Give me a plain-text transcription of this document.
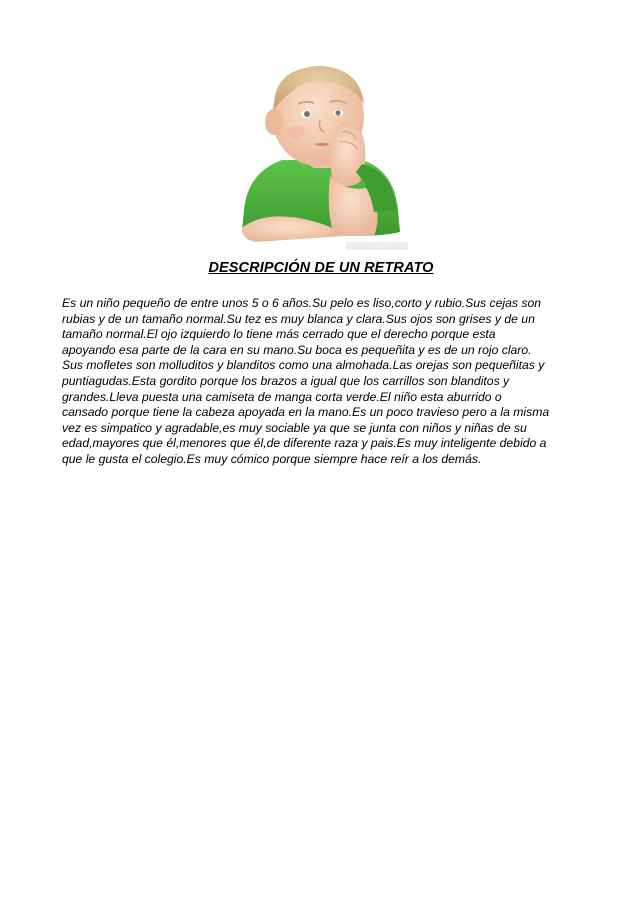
DESCRIPCIÓN DE UN RETRATO
Es un niño pequeño de entre unos 5 o 6 años.Su pelo es liso,corto y rubio.Sus cejas son
rubias y de un tamaño normal.Su tez es muy blanca y clara.Sus ojos son grises y de un
tamaño normal.El ojo izquierdo lo tiene más cerrado que el derecho porque esta
apoyando esa parte de la cara en su mano.Su boca es pequeñita y es de un rojo claro.
Sus mofletes son molluditos y blanditos como una almohada.Las orejas son pequeñitas y
puntiagudas.Esta gordito porque los brazos a igual que los carrillos son blanditos y
grandes.Lleva puesta una camiseta de manga corta verde.El niño esta aburrido o
cansado porque tiene la cabeza apoyada en la mano.Es un poco travieso pero a la misma
vez es simpatico y agradable,es muy sociable ya que se junta con niños y niñas de su
edad,mayores que él,menores que él,de diferente raza y pais.Es muy inteligente debido a
que le gusta el colegio.Es muy cómico porque siempre hace reír a los demás.
